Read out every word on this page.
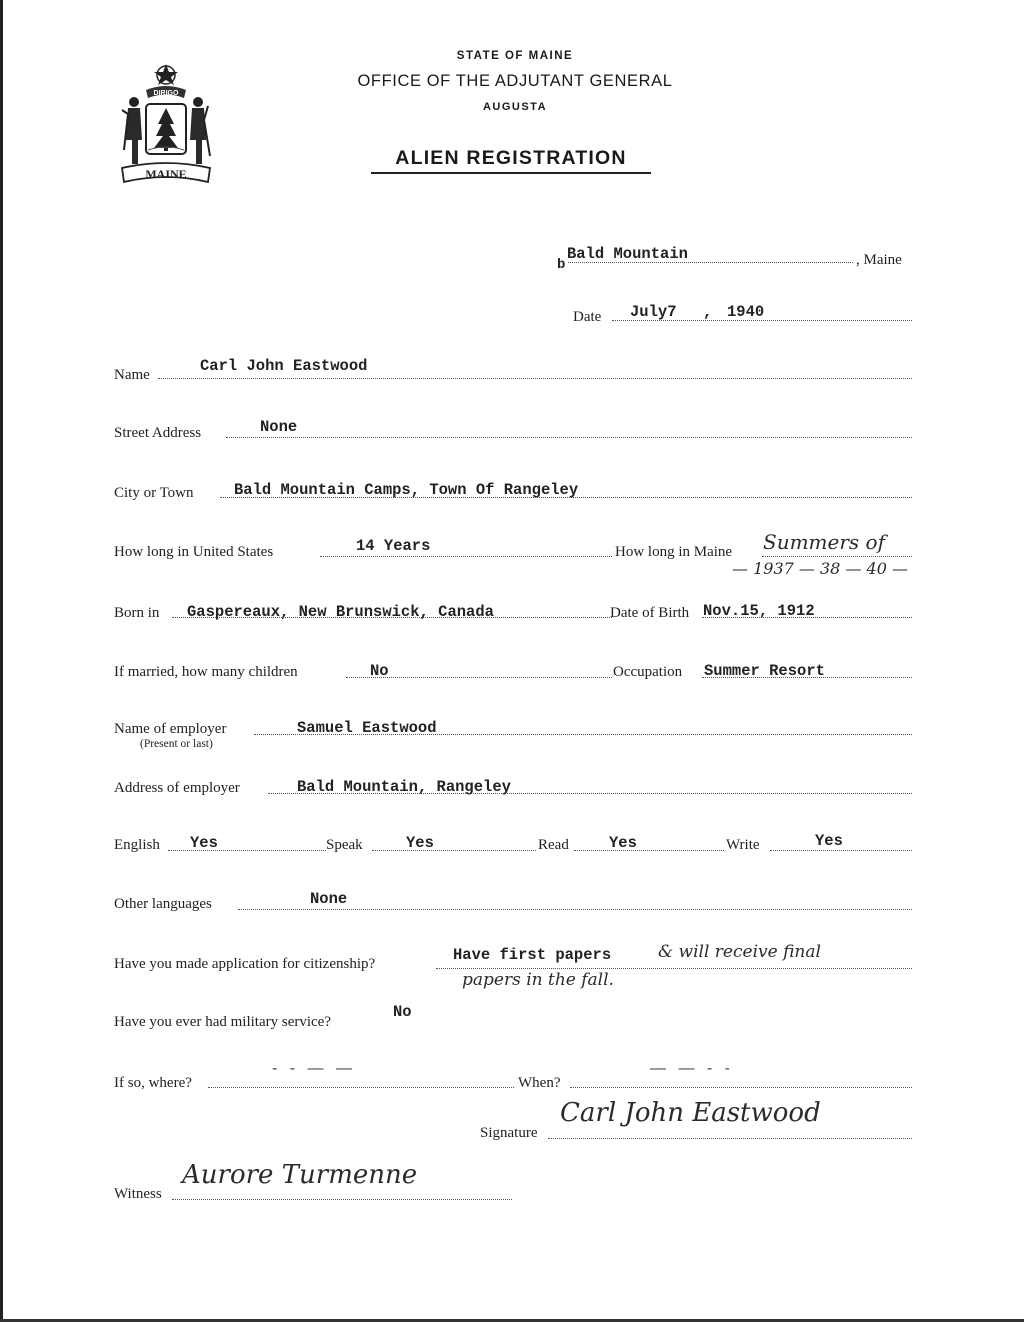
DIRIGO
MAINE
STATE OF MAINE
OFFICE OF THE ADJUTANT GENERAL
AUGUSTA
ALIEN REGISTRATION
b
Bald Mountain	, Maine
Date July7 , 1940
Name	Carl John Eastwood
Street Address	None
City or Town	Bald Mountain Camps, Town Of Rangeley
How long in United States	14 Years	How long in Maine Summers of
— 1937 — 38 — 40 —
Born in Gaspereaux, New Brunswick, Canada	Date of Birth Nov.15, 1912
If married, how many children	No	Occupation Summer Resort
Name of employer
(Present or last)
Samuel Eastwood
Address of employer	Bald Mountain, Rangeley
English Yes	Speak	Yes	Read	Yes	Write	Yes
Other languages	None
Have you made application for citizenship?	Have first papers	& will receive final
papers in the fall.
Have you ever had military service?
No
If so, where?
- - — —
When?
— — - -
Signature
Carl John Eastwood
Witness
Aurore Turmenne
